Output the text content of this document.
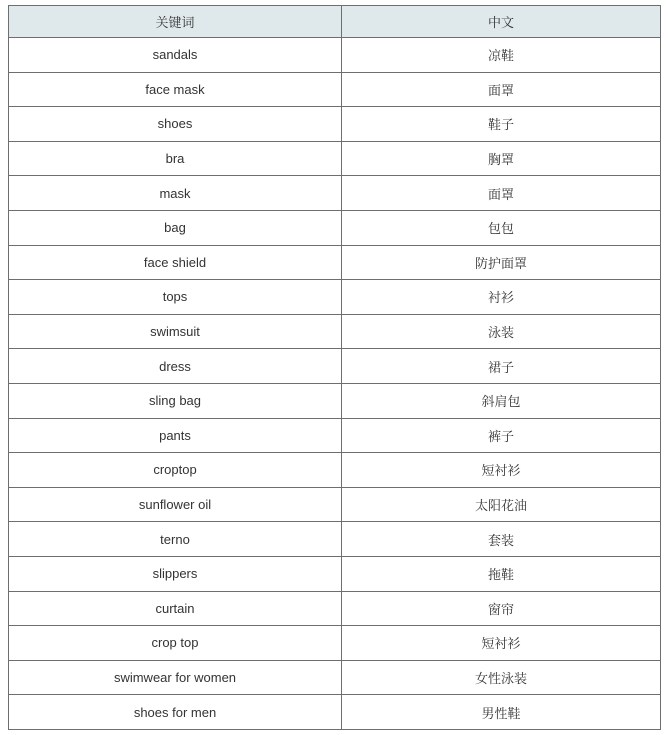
关键词	中文
sandals	凉鞋
face mask	面罩
shoes	鞋子
bra	胸罩
mask	面罩
bag	包包
face shield	防护面罩
tops	衬衫
swimsuit	泳装
dress	裙子
sling bag	斜肩包
pants	裤子
croptop	短衬衫
sunflower oil	太阳花油
terno	套装
slippers	拖鞋
curtain	窗帘
crop top	短衬衫
swimwear for women	女性泳装
shoes for men	男性鞋
